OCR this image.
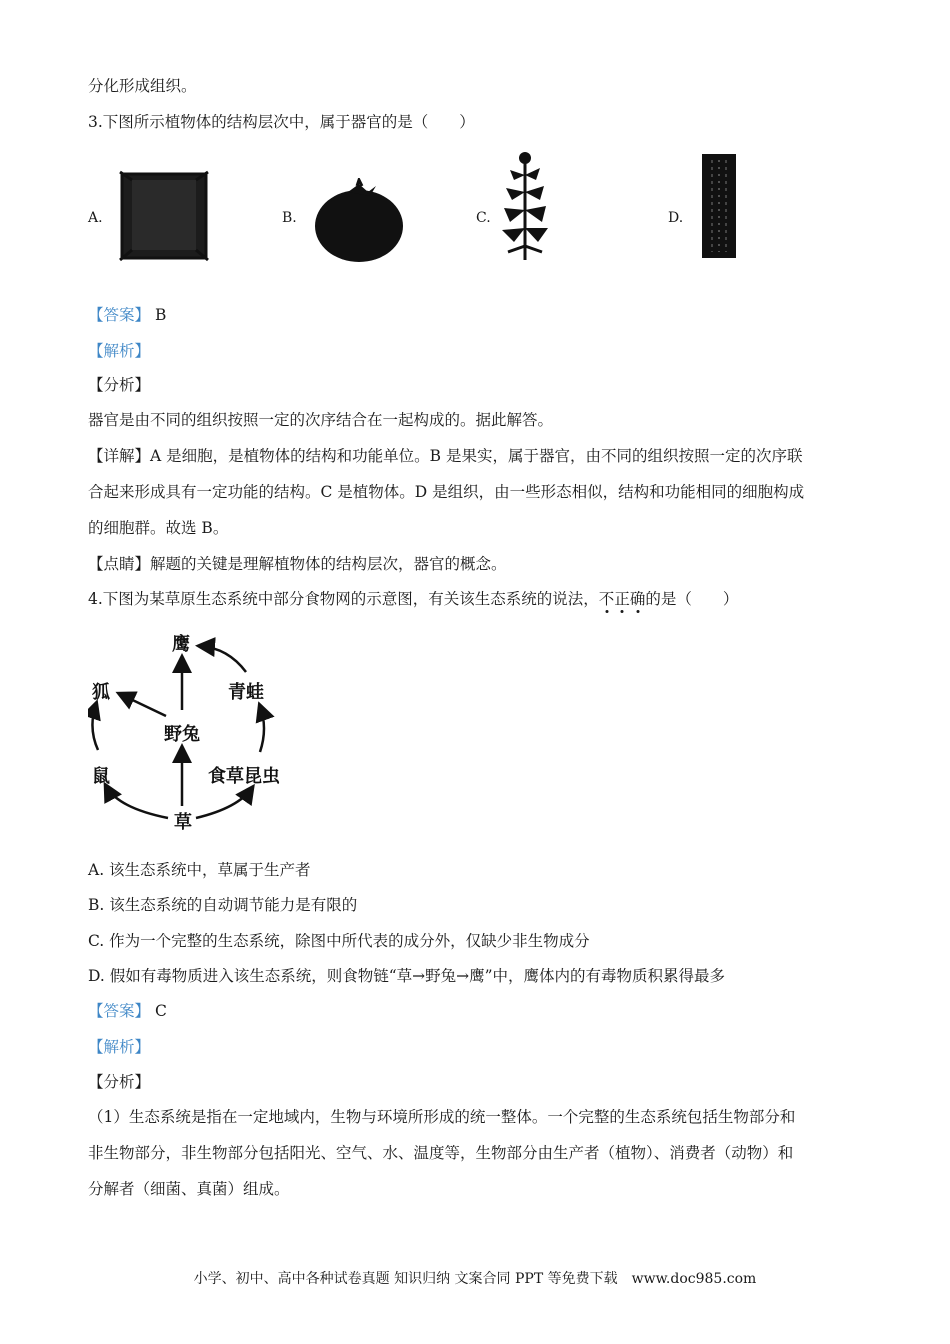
分化形成组织。
3.下图所示植物体的结构层次中，属于器官的是（　　）
A.	B.	C.	D.
【答案】 B
【解析】
【分析】
器官是由不同的组织按照一定的次序结合在一起构成的。据此解答。
【详解】A 是细胞，是植物体的结构和功能单位。B 是果实，属于器官，由不同的组织按照一定的次序联
合起来形成具有一定功能的结构。C 是植物体。D 是组织，由一些形态相似，结构和功能相同的细胞构成
的细胞群。故选 B。
【点睛】解题的关键是理解植物体的结构层次，器官的概念。
4.下图为某草原生态系统中部分食物网的示意图，有关该生态系统的说法，不
正
确
的是（　　）
鹰
狐	青蛙
野兔
鼠	食草昆虫
草
A. 该生态系统中，草属于生产者
B. 该生态系统的自动调节能力是有限的
C. 作为一个完整的生态系统，除图中所代表的成分外，仅缺少非生物成分
D. 假如有毒物质进入该生态系统，则食物链“草→野兔→鹰”中，鹰体内的有毒物质积累得最多
【答案】 C
【解析】
【分析】
（1）生态系统是指在一定地域内，生物与环境所形成的统一整体。一个完整的生态系统包括生物部分和
非生物部分，非生物部分包括阳光、空气、水、温度等，生物部分由生产者（植物）、消费者（动物）和
分解者（细菌、真菌）组成。
小学、初中、高中各种试卷真题 知识归纳 文案合同 PPT 等免费下载　www.doc985.com
